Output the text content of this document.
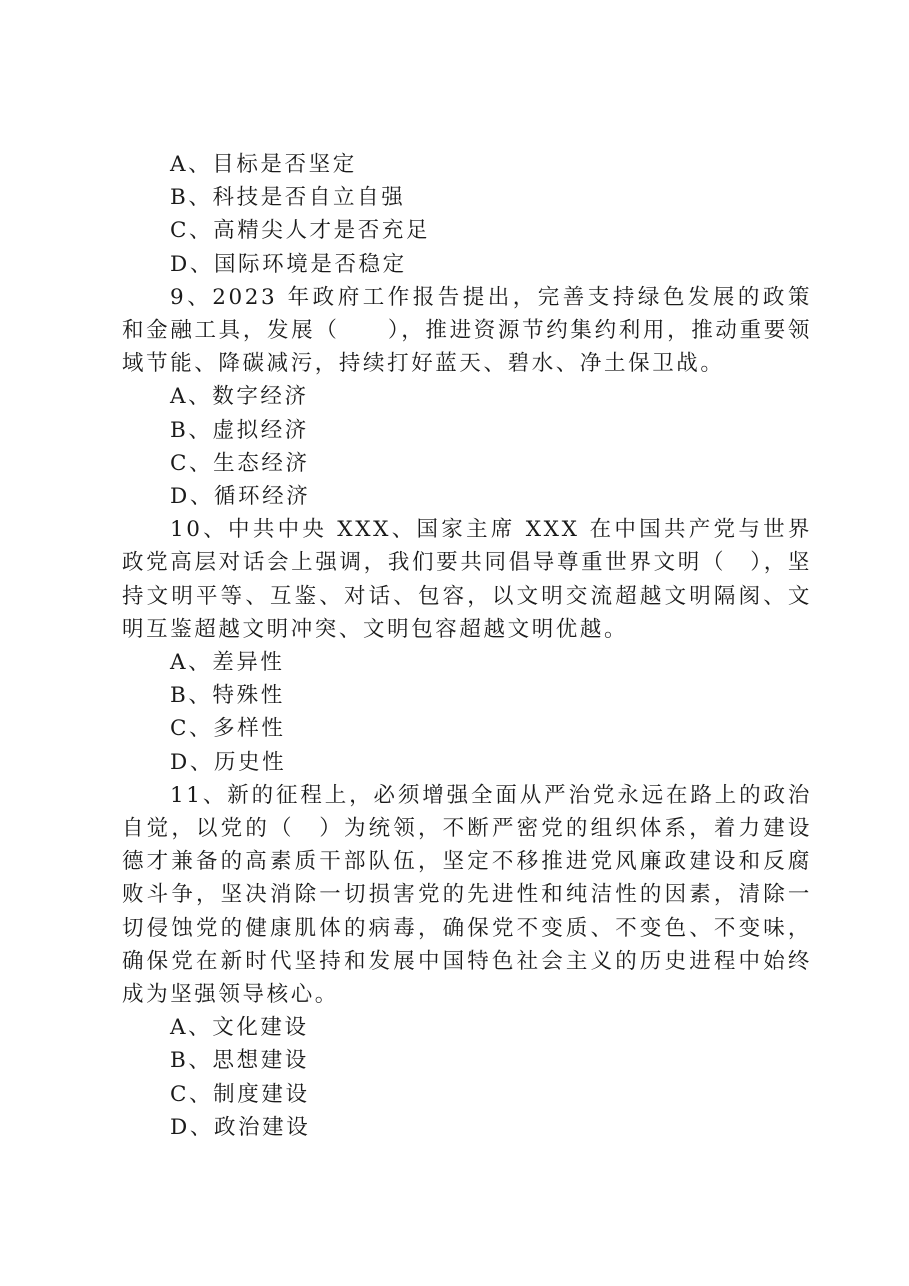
A、目标是否坚定
B、科技是否自立自强
C、高精尖人才是否充足
D、国际环境是否稳定
9、2023 年政府工作报告提出，完善支持绿色发展的政策和金融工具，发展（　　），推进资源节约集约利用，推动重要领域节能、降碳减污，持续打好蓝天、碧水、净土保卫战。
A、数字经济
B、虚拟经济
C、生态经济
D、循环经济
10、中共中央 XXX、国家主席 XXX 在中国共产党与世界政党高层对话会上强调，我们要共同倡导尊重世界文明（　），坚持文明平等、互鉴、对话、包容，以文明交流超越文明隔阂、文明互鉴超越文明冲突、文明包容超越文明优越。
A、差异性
B、特殊性
C、多样性
D、历史性
11、新的征程上，必须增强全面从严治党永远在路上的政治自觉，以党的（　）为统领，不断严密党的组织体系，着力建设德才兼备的高素质干部队伍，坚定不移推进党风廉政建设和反腐败斗争，坚决消除一切损害党的先进性和纯洁性的因素，清除一切侵蚀党的健康肌体的病毒，确保党不变质、不变色、不变味，确保党在新时代坚持和发展中国特色社会主义的历史进程中始终成为坚强领导核心。
A、文化建设
B、思想建设
C、制度建设
D、政治建设
